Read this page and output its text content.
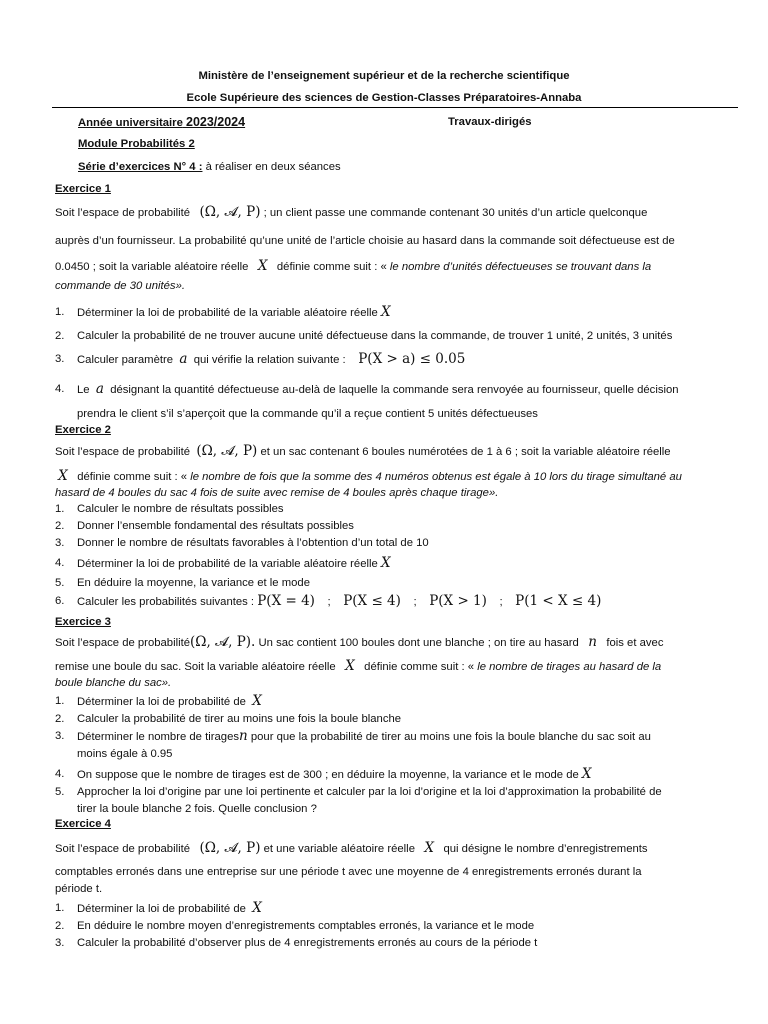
Ministère de l’enseignement supérieur et de la recherche scientifique
Ecole Supérieure des sciences de Gestion-Classes Préparatoires-Annaba
Année universitaire 2023/2024	Travaux-dirigés
Module Probabilités 2
Série d’exercices N° 4 : à réaliser en deux séances
Exercice 1
Soit l’espace de probabilité (Ω, 𝓐, P) ; un client passe une commande contenant 30 unités d’un article quelconque
auprès d’un fournisseur. La probabilité qu’une unité de l’article choisie au hasard dans la commande soit défectueuse est de
0.0450 ; soit la variable aléatoire réelle X définie comme suit : « le nombre d’unités défectueuses se trouvant dans la
commande de 30 unités».
1. Déterminer la loi de probabilité de la variable aléatoire réelle X
2. Calculer la probabilité de ne trouver aucune unité défectueuse dans la commande, de trouver 1 unité, 2 unités, 3 unités
3. Calculer paramètre a qui vérifie la relation suivante : P(X > a) ≤ 0.05
4. Le a désignant la quantité défectueuse au-delà de laquelle la commande sera renvoyée au fournisseur, quelle décision
prendra le client s’il s’aperçoit que la commande qu’il a reçue contient 5 unités défectueuses
Exercice 2
Soit l’espace de probabilité (Ω, 𝓐, P) et un sac contenant 6 boules numérotées de 1 à 6 ; soit la variable aléatoire réelle
X définie comme suit : « le nombre de fois que la somme des 4 numéros obtenus est égale à 10 lors du tirage simultané au
hasard de 4 boules du sac 4 fois de suite avec remise de 4 boules après chaque tirage».
1. Calculer le nombre de résultats possibles
2. Donner l’ensemble fondamental des résultats possibles
3. Donner le nombre de résultats favorables à l’obtention d’un total de 10
4. Déterminer la loi de probabilité de la variable aléatoire réelle X
5. En déduire la moyenne, la variance et le mode
6. Calculer les probabilités suivantes : P(X = 4) ; P(X ≤ 4) ; P(X > 1) ; P(1 < X ≤ 4)
Exercice 3
Soit l’espace de probabilité(Ω, 𝓐, P). Un sac contient 100 boules dont une blanche ; on tire au hasard n fois et avec
remise une boule du sac. Soit la variable aléatoire réelle X définie comme suit : « le nombre de tirages au hasard de la
boule blanche du sac».
1. Déterminer la loi de probabilité de X
2. Calculer la probabilité de tirer au moins une fois la boule blanche
3. Déterminer le nombre de tiragesn pour que la probabilité de tirer au moins une fois la boule blanche du sac soit au
moins égale à 0.95
4. On suppose que le nombre de tirages est de 300 ; en déduire la moyenne, la variance et le mode de X
5. Approcher la loi d’origine par une loi pertinente et calculer par la loi d’origine et la loi d’approximation la probabilité de
tirer la boule blanche 2 fois. Quelle conclusion ?
Exercice 4
Soit l’espace de probabilité (Ω, 𝓐, P) et une variable aléatoire réelle X qui désigne le nombre d’enregistrements
comptables erronés dans une entreprise sur une période t avec une moyenne de 4 enregistrements erronés durant la
période t.
1. Déterminer la loi de probabilité de X
2. En déduire le nombre moyen d’enregistrements comptables erronés, la variance et le mode
3. Calculer la probabilité d’observer plus de 4 enregistrements erronés au cours de la période t
